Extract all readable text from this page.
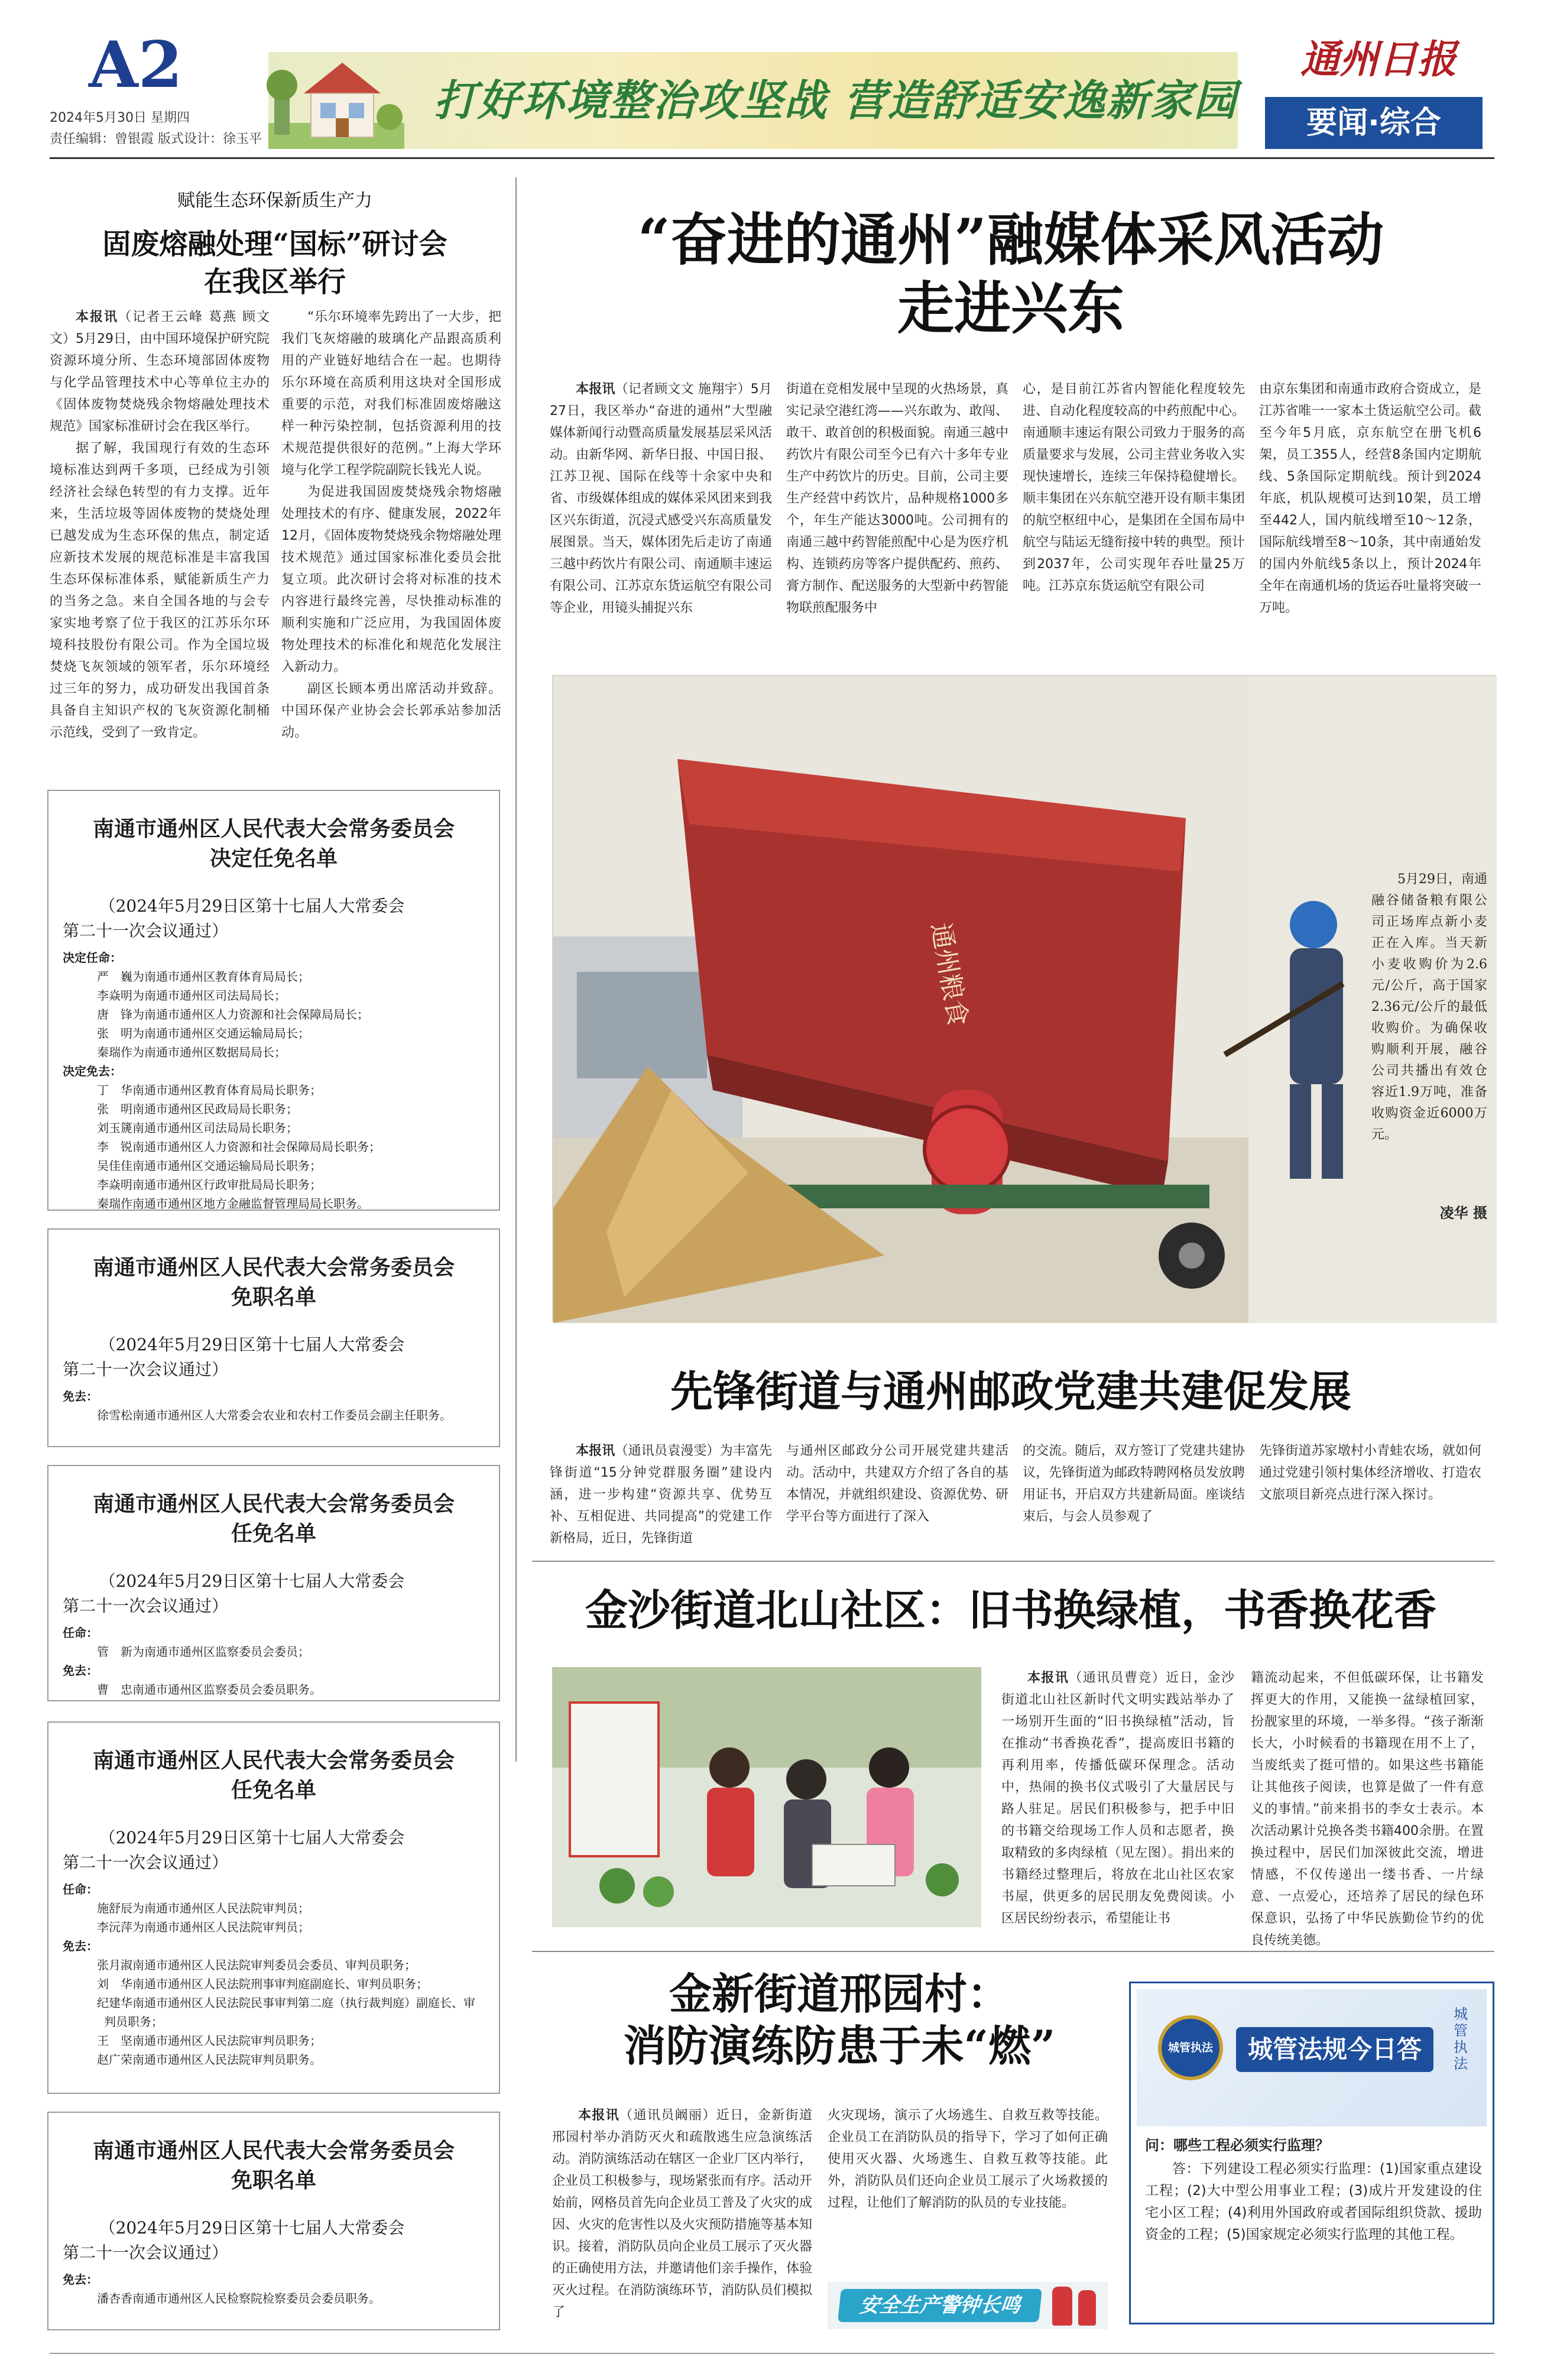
A2
2024年5月30日 星期四
责任编辑：曾银霞 版式设计：徐玉平
打好环境整治攻坚战 营造舒适安逸新家园
通州日报
要闻·综合
赋能生态环保新质生产力
固废熔融处理“国标”研讨会
在我区举行

本报讯（记者王云峰 葛燕 顾文文）5月29日，由中国环境保护研究院资源环境分所、生态环境部固体废物与化学品管理技术中心等单位主办的《固体废物焚烧残余物熔融处理技术规范》国家标准研讨会在我区举行。

据了解，我国现行有效的生态环境标准达到两千多项，已经成为引领经济社会绿色转型的有力支撑。近年来，生活垃圾等固体废物的焚烧处理已越发成为生态环保的焦点，制定适应新技术发展的规范标准是丰富我国生态环保标准体系，赋能新质生产力的当务之急。来自全国各地的与会专家实地考察了位于我区的江苏乐尔环境科技股份有限公司。作为全国垃圾焚烧飞灰领域的领军者，乐尔环境经过三年的努力，成功研发出我国首条具备自主知识产权的飞灰资源化制桶示范线，受到了一致肯定。

“乐尔环境率先跨出了一大步，把我们飞灰熔融的玻璃化产品跟高质利用的产业链好地结合在一起。也期待乐尔环境在高质利用这块对全国形成重要的示范，对我们标准固废熔融这样一种污染控制，包括资源利用的技术规范提供很好的范例。”上海大学环境与化学工程学院副院长钱光人说。

为促进我国固废焚烧残余物熔融处理技术的有序、健康发展，2022年12月，《固体废物焚烧残余物熔融处理技术规范》通过国家标准化委员会批复立项。此次研讨会将对标准的技术内容进行最终完善，尽快推动标准的顺利实施和广泛应用，为我国固体废物处理技术的标准化和规范化发展注入新动力。

副区长顾本勇出席活动并致辞。中国环保产业协会会长郭承站参加活动。

南通市通州区人民代表大会常务委员会
决定任免名单
（2024年5月29日区第十七届人大常委会
第二十一次会议通过）
决定任命：
严　巍为南通市通州区教育体育局局长；
李焱明为南通市通州区司法局局长；
唐　锋为南通市通州区人力资源和社会保障局局长；
张　明为南通市通州区交通运输局局长；
秦瑞作为南通市通州区数据局局长；
决定免去：
丁　华南通市通州区教育体育局局长职务；
张　明南通市通州区民政局局长职务；
刘玉篪南通市通州区司法局局长职务；
李　锐南通市通州区人力资源和社会保障局局长职务；
吴佳佳南通市通州区交通运输局局长职务；
李焱明南通市通州区行政审批局局长职务；
秦瑞作南通市通州区地方金融监督管理局局长职务。
南通市通州区人民代表大会常务委员会
免职名单
（2024年5月29日区第十七届人大常委会
第二十一次会议通过）
免去：
徐雪松南通市通州区人大常委会农业和农村工作委员会副主任职务。
南通市通州区人民代表大会常务委员会
任免名单
（2024年5月29日区第十七届人大常委会
第二十一次会议通过）
任命：
管　新为南通市通州区监察委员会委员；
免去：
曹　忠南通市通州区监察委员会委员职务。
南通市通州区人民代表大会常务委员会
任免名单
（2024年5月29日区第十七届人大常委会
第二十一次会议通过）
任命：
施舒辰为南通市通州区人民法院审判员；
李沅萍为南通市通州区人民法院审判员；
免去：
张月淑南通市通州区人民法院审判委员会委员、审判员职务；
刘　华南通市通州区人民法院刑事审判庭副庭长、审判员职务；
纪建华南通市通州区人民法院民事审判第二庭（执行裁判庭）副庭长、审判员职务；
王　坚南通市通州区人民法院审判员职务；
赵广荣南通市通州区人民法院审判员职务。
南通市通州区人民代表大会常务委员会
免职名单
（2024年5月29日区第十七届人大常委会
第二十一次会议通过）
免去：
潘杏香南通市通州区人民检察院检察委员会委员职务。
“奋进的通州”融媒体采风活动
走进兴东

本报讯（记者顾文文 施翔宇）5月27日，我区举办“奋进的通州”大型融媒体新闻行动暨高质量发展基层采风活动。由新华网、新华日报、中国日报、江苏卫视、国际在线等十余家中央和省、市级媒体组成的媒体采风团来到我区兴东街道，沉浸式感受兴东高质量发展图景。当天，媒体团先后走访了南通三越中药饮片有限公司、南通顺丰速运有限公司、江苏京东货运航空有限公司等企业，用镜头捕捉兴东

街道在竞相发展中呈现的火热场景，真实记录空港红湾——兴东敢为、敢闯、敢干、敢首创的积极面貌。南通三越中药饮片有限公司至今已有六十多年专业生产中药饮片的历史。目前，公司主要生产经营中药饮片，品种规格1000多个，年生产能达3000吨。公司拥有的南通三越中药智能煎配中心是为医疗机构、连锁药房等客户提供配药、煎药、膏方制作、配送服务的大型新中药智能物联煎配服务中

心，是目前江苏省内智能化程度较先进、自动化程度较高的中药煎配中心。南通顺丰速运有限公司致力于服务的高质量要求与发展，公司主营业务收入实现快速增长，连续三年保持稳健增长。顺丰集团在兴东航空港开设有顺丰集团的航空枢纽中心，是集团在全国布局中航空与陆运无缝衔接中转的典型。预计到2037年，公司实现年吞吐量25万吨。江苏京东货运航空有限公司

由京东集团和南通市政府合资成立，是江苏省唯一一家本土货运航空公司。截至今年5月底，京东航空在册飞机6架，员工355人，经营8条国内定期航线、5条国际定期航线。预计到2024年底，机队规模可达到10架，员工增至442人，国内航线增至10～12条，国际航线增至8～10条，其中南通始发的国内外航线5条以上，预计2024年全年在南通机场的货运吞吐量将突破一万吨。

通州粮食
5月29日，南通融谷储备粮有限公司正场库点新小麦正在入库。当天新小麦收购价为2.6元/公斤，高于国家2.36元/公斤的最低收购价。为确保收购顺利开展，融谷公司共播出有效仓容近1.9万吨，准备收购资金近6000万元。
凌华 摄
先锋街道与通州邮政党建共建促发展

本报讯（通讯员袁漫雯）为丰富先锋街道“15分钟党群服务圈”建设内涵，进一步构建“资源共享、优势互补、互相促进、共同提高”的党建工作新格局，近日，先锋街道

与通州区邮政分公司开展党建共建活动。活动中，共建双方介绍了各自的基本情况，并就组织建设、资源优势、研学平台等方面进行了深入

的交流。随后，双方签订了党建共建协议，先锋街道为邮政特聘网格员发放聘用证书，开启双方共建新局面。座谈结束后，与会人员参观了

先锋街道苏家墩村小青蛙农场，就如何通过党建引领村集体经济增收、打造农文旅项目新亮点进行深入探讨。

金沙街道北山社区：旧书换绿植，书香换花香

本报讯（通讯员曹竞）近日，金沙街道北山社区新时代文明实践站举办了一场别开生面的“旧书换绿植”活动，旨在推动“书香换花香”，提高废旧书籍的再利用率，传播低碳环保理念。活动中，热闹的换书仪式吸引了大量居民与路人驻足。居民们积极参与，把手中旧的书籍交给现场工作人员和志愿者，换取精致的多肉绿植（见左图）。捐出来的书籍经过整理后，将放在北山社区农家书屋，供更多的居民朋友免费阅读。小区居民纷纷表示，希望能让书

籍流动起来，不但低碳环保，让书籍发挥更大的作用，又能换一盆绿植回家，扮靓家里的环境，一举多得。“孩子渐渐长大，小时候看的书籍现在用不上了，当废纸卖了挺可惜的。如果这些书籍能让其他孩子阅读，也算是做了一件有意义的事情。”前来捐书的李女士表示。本次活动累计兑换各类书籍400余册。在置换过程中，居民们加深彼此交流，增进情感，不仅传递出一缕书香、一片绿意、一点爱心，还培养了居民的绿色环保意识，弘扬了中华民族勤俭节约的优良传统美德。

金新街道邢园村：
消防演练防患于未“燃”

本报讯（通讯员阚丽）近日，金新街道邢园村举办消防灭火和疏散逃生应急演练活动。消防演练活动在辖区一企业厂区内举行，企业员工积极参与，现场紧张而有序。活动开始前，网格员首先向企业员工普及了火灾的成因、火灾的危害性以及火灾预防措施等基本知识。接着，消防队员向企业员工展示了灭火器的正确使用方法，并邀请他们亲手操作，体验灭火过程。在消防演练环节，消防队员们模拟了

火灾现场，演示了火场逃生、自救互救等技能。企业员工在消防队员的指导下，学习了如何正确使用灭火器、火场逃生、自救互救等技能。此外，消防队员们还向企业员工展示了火场救援的过程，让他们了解消防的队员的专业技能。

安全生产警钟长鸣
城管执法	城管法规今日答
城管执法
问：哪些工程必须实行监理？
答：下列建设工程必须实行监理：(1)国家重点建设工程；(2)大中型公用事业工程；(3)成片开发建设的住宅小区工程；(4)利用外国政府或者国际组织贷款、援助资金的工程；(5)国家规定必须实行监理的其他工程。
